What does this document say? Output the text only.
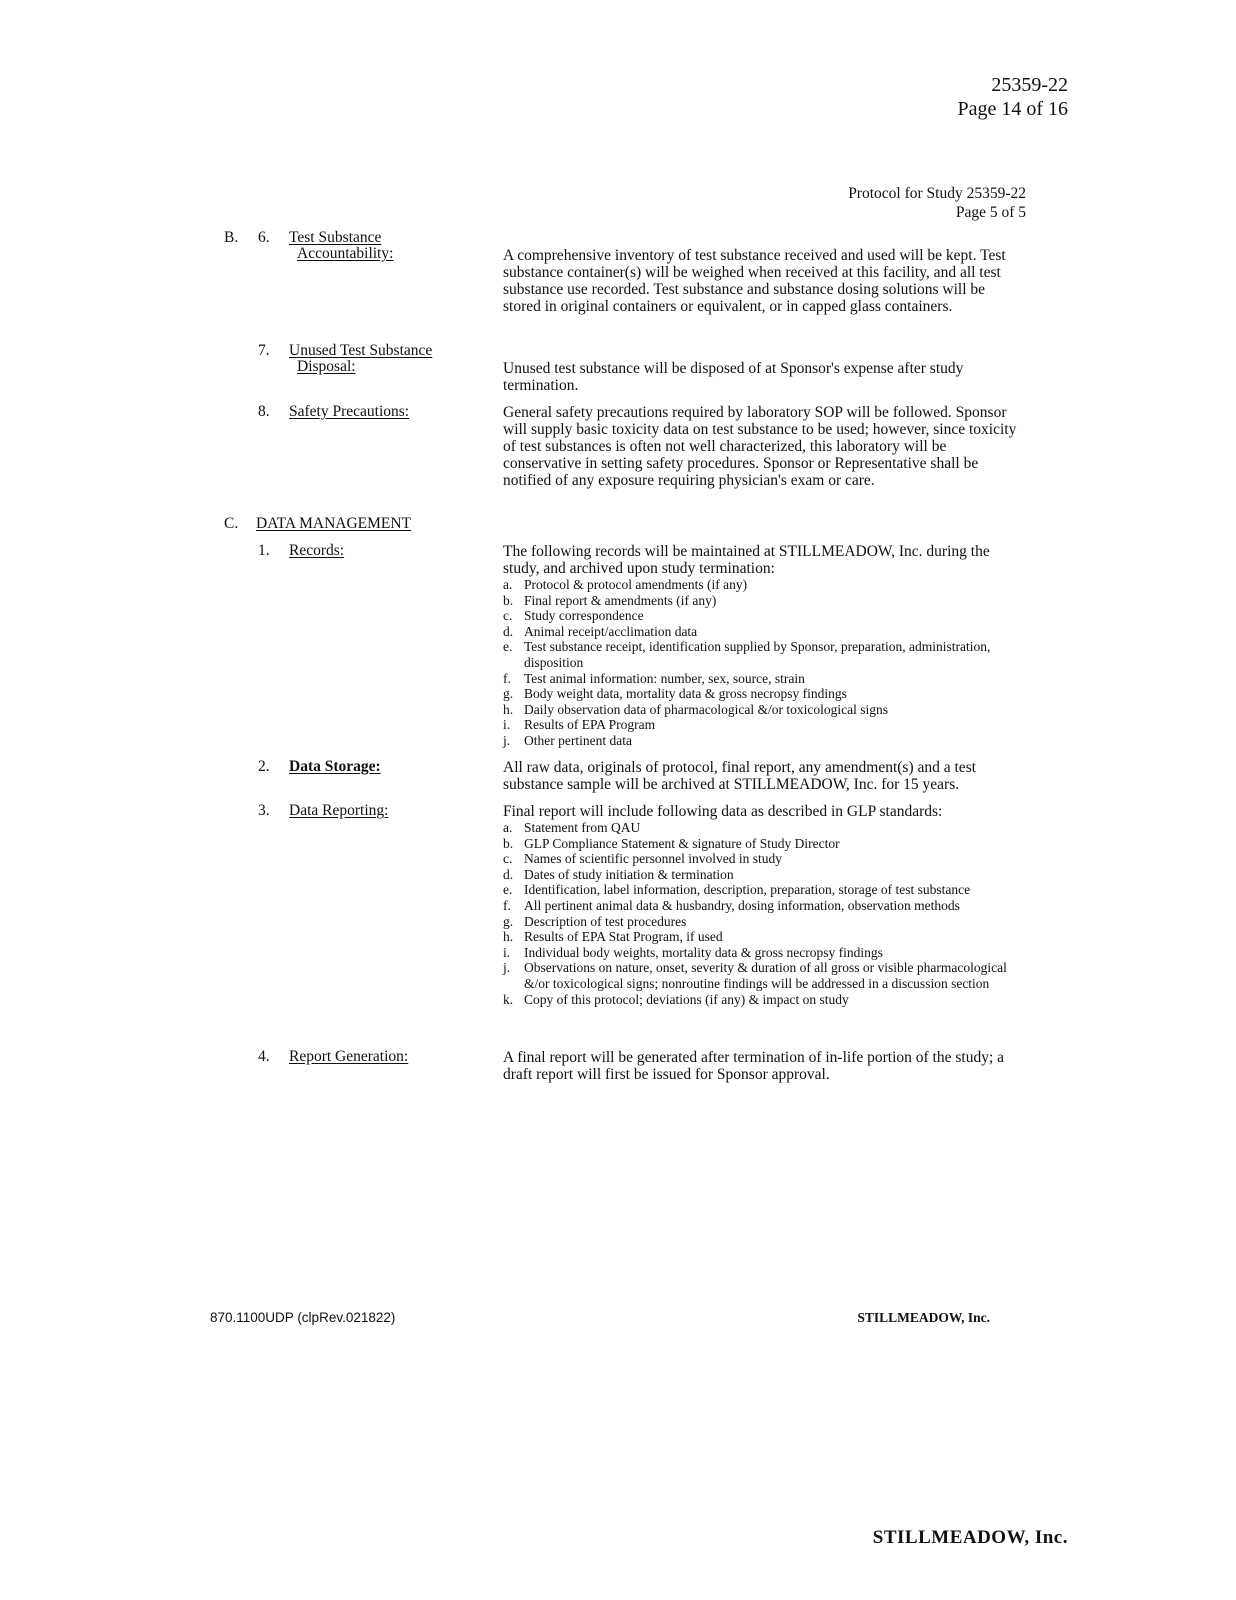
25359-22
Page 14 of 16
Protocol for Study 25359-22
Page 5 of 5
B. 6. Test Substance
Accountability:	A comprehensive inventory of test substance received and used will be kept. Test substance container(s) will be weighed when received at this facility, and all test substance use recorded. Test substance and substance dosing solutions will be stored in original containers or equivalent, or in capped glass containers.
7. Unused Test Substance
Disposal:	Unused test substance will be disposed of at Sponsor's expense after study termination.
8. Safety Precautions:	General safety precautions required by laboratory SOP will be followed. Sponsor will supply basic toxicity data on test substance to be used; however, since toxicity of test substances is often not well characterized, this laboratory will be conservative in setting safety procedures. Sponsor or Representative shall be notified of any exposure requiring physician's exam or care.
C. DATA MANAGEMENT
1. Records:	The following records will be maintained at STILLMEADOW, Inc. during the study, and archived upon study termination:
a. Protocol & protocol amendments (if any)
b. Final report & amendments (if any)
c. Study correspondence
d. Animal receipt/acclimation data
e. Test substance receipt, identification supplied by Sponsor, preparation, administration, disposition
f. Test animal information: number, sex, source, strain
g. Body weight data, mortality data & gross necropsy findings
h. Daily observation data of pharmacological &/or toxicological signs
i. Results of EPA Program
j. Other pertinent data
2. Data Storage:	All raw data, originals of protocol, final report, any amendment(s) and a test substance sample will be archived at STILLMEADOW, Inc. for 15 years.
3. Data Reporting:	Final report will include following data as described in GLP standards:
a. Statement from QAU
b. GLP Compliance Statement & signature of Study Director
c. Names of scientific personnel involved in study
d. Dates of study initiation & termination
e. Identification, label information, description, preparation, storage of test substance
f. All pertinent animal data & husbandry, dosing information, observation methods
g. Description of test procedures
h. Results of EPA Stat Program, if used
i. Individual body weights, mortality data & gross necropsy findings
j. Observations on nature, onset, severity & duration of all gross or visible pharmacological &/or toxicological signs; nonroutine findings will be addressed in a discussion section
k. Copy of this protocol; deviations (if any) & impact on study
4. Report Generation:	A final report will be generated after termination of in-life portion of the study; a draft report will first be issued for Sponsor approval.
870.1100UDP (clpRev.021822)	STILLMEADOW, Inc.
STILLMEADOW, Inc.
